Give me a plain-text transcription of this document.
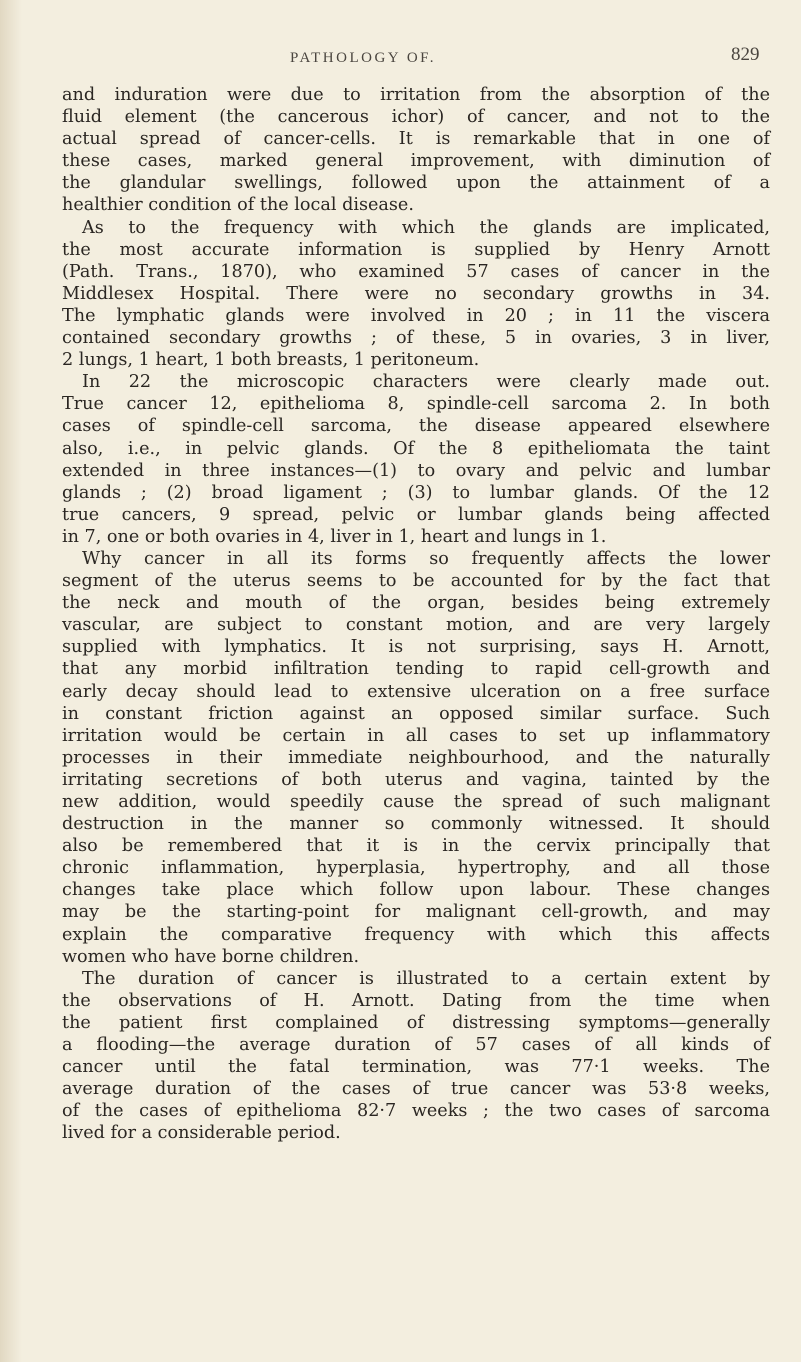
PATHOLOGY OF.	829
and induration were due to irritation from the absorption of the
fluid element (the cancerous ichor) of cancer, and not to the
actual spread of cancer-cells. It is remarkable that in one of
these cases, marked general improvement, with diminution of
the glandular swellings, followed upon the attainment of a
healthier condition of the local disease.
As to the frequency with which the glands are implicated,
the most accurate information is supplied by Henry Arnott
(Path. Trans., 1870), who examined 57 cases of cancer in the
Middlesex Hospital. There were no secondary growths in 34.
The lymphatic glands were involved in 20 ; in 11 the viscera
contained secondary growths ; of these, 5 in ovaries, 3 in liver,
2 lungs, 1 heart, 1 both breasts, 1 peritoneum.
In 22 the microscopic characters were clearly made out.
True cancer 12, epithelioma 8, spindle-cell sarcoma 2. In both
cases of spindle-cell sarcoma, the disease appeared elsewhere
also, i.e., in pelvic glands. Of the 8 epitheliomata the taint
extended in three instances—(1) to ovary and pelvic and lumbar
glands ; (2) broad ligament ; (3) to lumbar glands. Of the 12
true cancers, 9 spread, pelvic or lumbar glands being affected
in 7, one or both ovaries in 4, liver in 1, heart and lungs in 1.
Why cancer in all its forms so frequently affects the lower
segment of the uterus seems to be accounted for by the fact that
the neck and mouth of the organ, besides being extremely
vascular, are subject to constant motion, and are very largely
supplied with lymphatics. It is not surprising, says H. Arnott,
that any morbid infiltration tending to rapid cell-growth and
early decay should lead to extensive ulceration on a free surface
in constant friction against an opposed similar surface. Such
irritation would be certain in all cases to set up inflammatory
processes in their immediate neighbourhood, and the naturally
irritating secretions of both uterus and vagina, tainted by the
new addition, would speedily cause the spread of such malignant
destruction in the manner so commonly witnessed. It should
also be remembered that it is in the cervix principally that
chronic inflammation, hyperplasia, hypertrophy, and all those
changes take place which follow upon labour. These changes
may be the starting-point for malignant cell-growth, and may
explain the comparative frequency with which this affects
women who have borne children.
The duration of cancer is illustrated to a certain extent by
the observations of H. Arnott. Dating from the time when
the patient first complained of distressing symptoms—generally
a flooding—the average duration of 57 cases of all kinds of
cancer until the fatal termination, was 77·1 weeks. The
average duration of the cases of true cancer was 53·8 weeks,
of the cases of epithelioma 82·7 weeks ; the two cases of sarcoma
lived for a considerable period.
